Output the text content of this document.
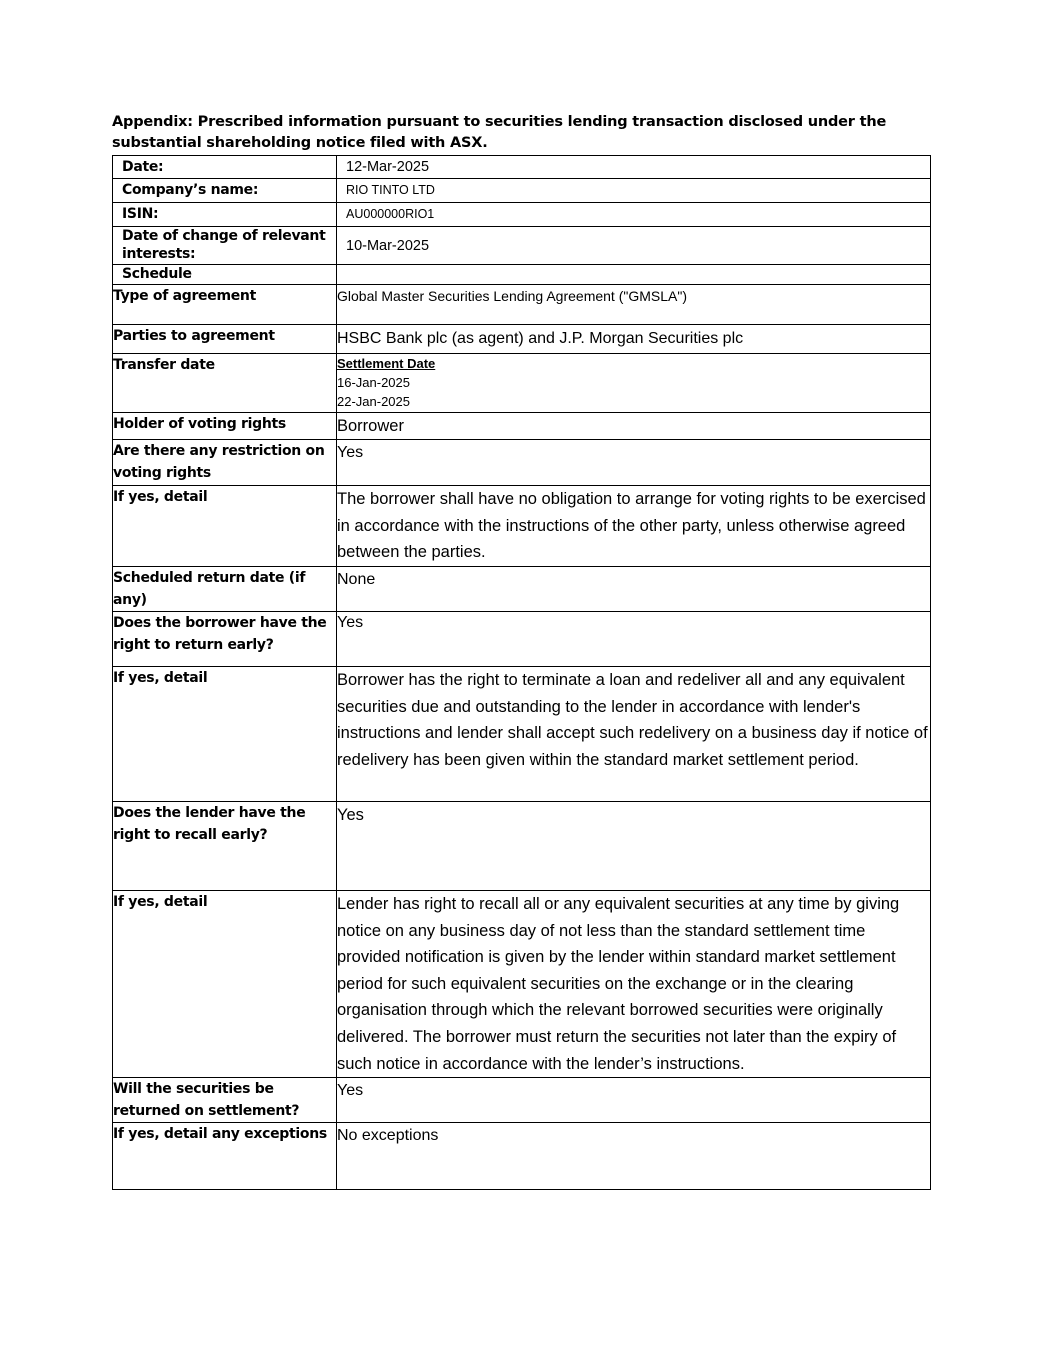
Appendix: Prescribed information pursuant to securities lending transaction disclosed under the substantial shareholding notice filed with ASX.
Date:	12-Mar-2025
Company’s name:	RIO TINTO LTD
ISIN:	AU000000RIO1
Date of change of relevant interests:	10-Mar-2025
Schedule	
Type of agreement	Global Master Securities Lending Agreement ("GMSLA")
Parties to agreement	HSBC Bank plc (as agent) and J.P. Morgan Securities plc
Transfer date	Settlement Date
16-Jan-2025
22-Jan-2025

Holder of voting rights	Borrower
Are there any restriction on voting rights	Yes
If yes, detail	The borrower shall have no obligation to arrange for voting rights to be exercised in accordance with the instructions of the other party, unless otherwise agreed between the parties.
Scheduled return date (if any)	None
Does the borrower have the right to return early?	Yes
If yes, detail	Borrower has the right to terminate a loan and redeliver all and any equivalent securities due and outstanding to the lender in accordance with lender's instructions and lender shall accept such redelivery on a business day if notice of redelivery has been given within the standard market settlement period.
Does the lender have the right to recall early?	Yes
If yes, detail	Lender has right to recall all or any equivalent securities at any time by giving notice on any business day of not less than the standard settlement time provided notification is given by the lender within standard market settlement period for such equivalent securities on the exchange or in the clearing organisation through which the relevant borrowed securities were originally delivered. The borrower must return the securities not later than the expiry of such notice in accordance with the lender’s instructions.
Will the securities be returned on settlement?	Yes
If yes, detail any exceptions	No exceptions
